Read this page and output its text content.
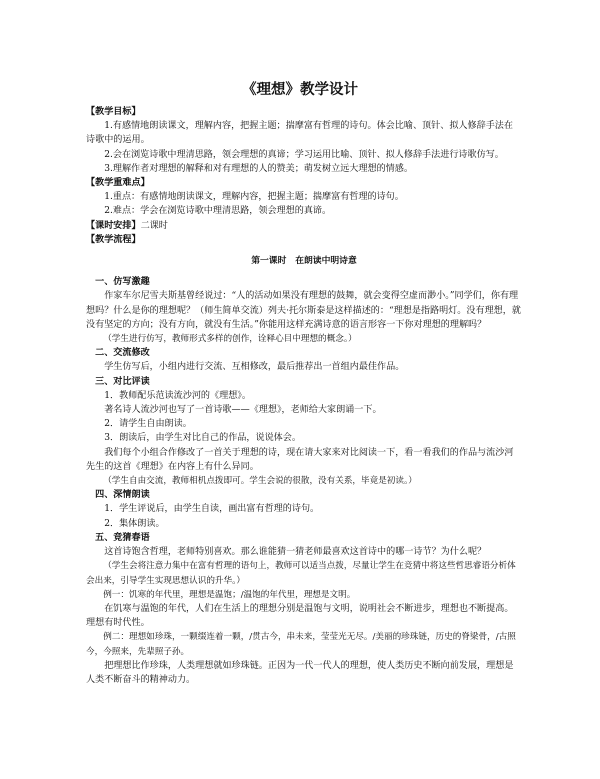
《理想》教学设计

【教学目标】

1.有感情地朗读课文，理解内容，把握主题；揣摩富有哲理的诗句。体会比喻、顶针、拟人修辞手法在诗歌中的运用。

2.会在浏览诗歌中理清思路，领会理想的真谛；学习运用比喻、顶针、拟人修辞手法进行诗歌仿写。

3.理解作者对理想的解释和对有理想的人的赞美；萌发树立远大理想的情感。

【教学重难点】

1.重点：有感情地朗读课文，理解内容，把握主题；揣摩富有哲理的诗句。

2.难点：学会在浏览诗歌中理清思路，领会理想的真谛。

【课时安排】二课时

【教学流程】

第一课时　在朗读中明诗意

一、仿写激趣

作家车尔尼雪夫斯基曾经说过：“人的活动如果没有理想的鼓舞，就会变得空虚而渺小。”同学们，你有理想吗？什么是你的理想呢？（师生简单交流）列夫·托尔斯泰是这样描述的：“理想是指路明灯。没有理想，就没有坚定的方向；没有方向，就没有生活。”你能用这样充满诗意的语言形容一下你对理想的理解吗？

（学生进行仿写，教师形式多样的创作，诠释心目中理想的概念。）

二、交流修改

学生仿写后，小组内进行交流、互相修改，最后推荐出一首组内最佳作品。

三、对比评读

1．教师配乐范读流沙河的《理想》。

著名诗人流沙河也写了一首诗歌——《理想》，老师给大家朗诵一下。

2．请学生自由朗读。

3．朗读后，由学生对比自己的作品，说说体会。

我们每个小组合作修改了一首关于理想的诗，现在请大家来对比阅读一下，看一看我们的作品与流沙河先生的这首《理想》在内容上有什么异同。

（学生自由交流，教师相机点拨即可。学生会说的很散，没有关系，毕竟是初读。）

四、深情朗读

1．学生评说后，由学生自读，画出富有哲理的诗句。

2．集体朗读。

五、竞猜春语

这首诗饱含哲理，老师特别喜欢。那么谁能猜一猜老师最喜欢这首诗中的哪一诗节？为什么呢？

（学生会将注意力集中在富有哲理的语句上，教师可以适当点拨，尽量让学生在竞猜中将这些哲思睿语分析体会出来，引导学生实现思想认识的升华。）

例一：饥寒的年代里，理想是温饱；/温饱的年代里，理想是文明。

在饥寒与温饱的年代，人们在生活上的理想分别是温饱与文明，说明社会不断进步，理想也不断提高。理想有时代性。

例二：理想如珍珠，一颗缀连着一颗，/贯古今，串未来，莹莹光无尽。/美丽的珍珠链，历史的脊梁骨，/古照今，今照来，先辈照子孙。

把理想比作珍珠，人类理想就如珍珠链。正因为一代一代人的理想，使人类历史不断向前发展，理想是人类不断奋斗的精神动力。
